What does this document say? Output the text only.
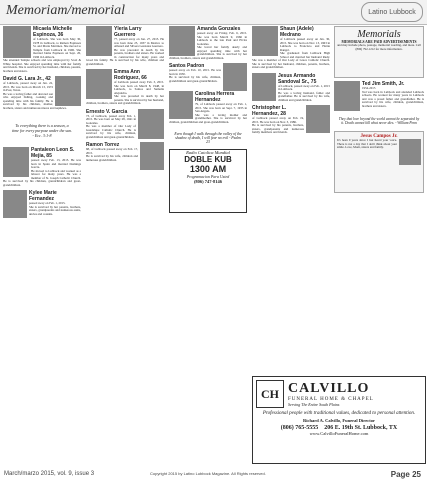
Memoriam/memorial	Latino Lubbock
Micaela Michelle Espinoza, 36
of Lubbock. She was born May 30, 1978 in Lubbock, to Ramon Espinoza Sr. and Maria Martinez. She moved to Temple from Lubbock in 1996. She married Jaime Espinoza on Sept. 20, 1996 in Lubbock.
She attended Temple schools and was employed by Scott & White hospital. She enjoyed spending time with her family and friends. She is survived by her husband, children, parents, brothers and sisters.
David G. Lara Jr., 42
of Lubbock, passed away on Jan. 22, 2015. He was born on March 13, 1972 in Post, Texas.
He was a loving father and devoted son who enjoyed fishing, cooking and spending time with his family. He is survived by his children, mother, brothers, sisters and numerous nieces and nephews.
To everything there is a season, a time for every purpose under the sun. - Ecc. 3:1-8
Pantaleon Leon S. Mejia, 85
passed away Feb. 13, 2015. He was born in Spain and married Dominga Garcia.
He moved to Lubbock and worked as a laborer for many years. He was a member of St. Joseph Catholic Church. He is survived by his children, grandchildren and great-grandchildren.
Kylee Marie Fernandez
passed away on Feb. 1, 2015.
She is survived by her parents, brothers, sisters, grandparents and numerous aunts, uncles and cousins.
Yleria Larry Guerrero
77, passed away on Jan. 27, 2015. He was born June 25, 1937 in Mexico to Albeard and Silvera Gonzales Guerrero.
He was preceded in death by his parents, brothers and sisters. He worked in construction for many years and loved his family. He is survived by his wife, children and grandchildren.
Emma Ann Rodriguez, 66
of Lubbock passed away Feb. 3, 2015. She was born on March 8, 1948, in Lubbock, to Santos and Sumalia Alejandro.
She was preceded in death by her parents. She is survived by her husband, children, brothers, sisters and grandchildren.
Ernesto V. Garcia
73, of Lubbock, passed away Feb. 1, 2015. He was born on May 28, 1941 in Gonzales.
He was a member of Our Lady of Guadalupe Catholic Church. He is survived by his wife, children, grandchildren and great-grandchildren.
Ramon Torrez
68, of Lubbock passed away on Feb. 17, 2015.
He is survived by his wife, children and numerous grandchildren.
Amanda Gonzales
passed away on Friday, Feb. 6, 2015. She was born March 9, 1966 in Lubbock to the late Paul and Elvira Gonzales.
She loved her family dearly and enjoyed spending time with her grandchildren. She is survived by her children, brothers, sisters and grandchildren.
Santos Padron
passed away on Feb. 10, 2015. He was born in 1930.
He is survived by his wife, children, grandchildren and great-grandchildren.
Carolina Herrera Hernandez
79, of Lubbock passed away on Feb. 1, 2015. She was born on Sept. 7, 1935 in San Angelo.
She was a loving mother and grandmother. She is survived by her children, grandchildren and great-grandchildren.
Even though I walk through the valley of the shadow of death, I will fear no evil - Psalm 23
Radio Catolica Mundial
DOBLE KUB
1300 AM
Programacion Para Usted
(806) 747-8146
Shaun (Adele) Medrano
of Lubbock passed away on Jan. 30, 2015. She was born on Nov. 13, 1963 in Lubbock to Francisco and Hattie Rangel.
She graduated from Lubbock High School and married her husband Rudy. She was a member of Our Lady of Grace Catholic Church. She is survived by her husband, children, parents, brothers, sisters and grandchildren.
Jesus Armando Sandoval Sr., 75
of Lubbock, passed away on Feb. 1, 2015 in Lubbock.
He was a loving husband, father and grandfather. He is survived by his wife, children and grandchildren.
Christopher L. Hernandez, 28
of Lubbock passed away on Feb. 19, 2015. He was born on Nov. 3, 1986.
He is survived by his parents, brothers, sisters, grandparents and numerous family members and friends.
Memorials
MEMORIALS ARE PAID ADVERTISEMENTS
and may include photo, passage, memorial wording, and more. Call (806) 792-1212 for more information.
Ted Jim Smith, Jr.
1954-2015
Ted was born in Lubbock and attended Lubbock schools. He worked for many years in Lubbock and was a proud father and grandfather. He is survived by his wife, children, grandchildren, brothers and sisters.
They that love beyond the world cannot be separated by it. Death cannot kill what never dies. - William Penn
Jesus Campos Jr.
It's been 9 years since I last heard your voice. There is not a day that I don't think about your smile. Love, Mom, sisters and family.
CH CALVILLO
FUNERAL HOME & CHAPEL
Serving The Entire South Plains
Professional people with traditional values, dedicated to personal attention.
Richard A. Calvillo, Funeral Director
(806) 765-5555 206 E. 19th St. Lubbock, TX
www.CalvilloFuneralHome.com
March/marzo 2015, vol. 9, issue 3	Copyright 2015 by Latino Lubbock Magazine. All Rights reserved.	Page 25
